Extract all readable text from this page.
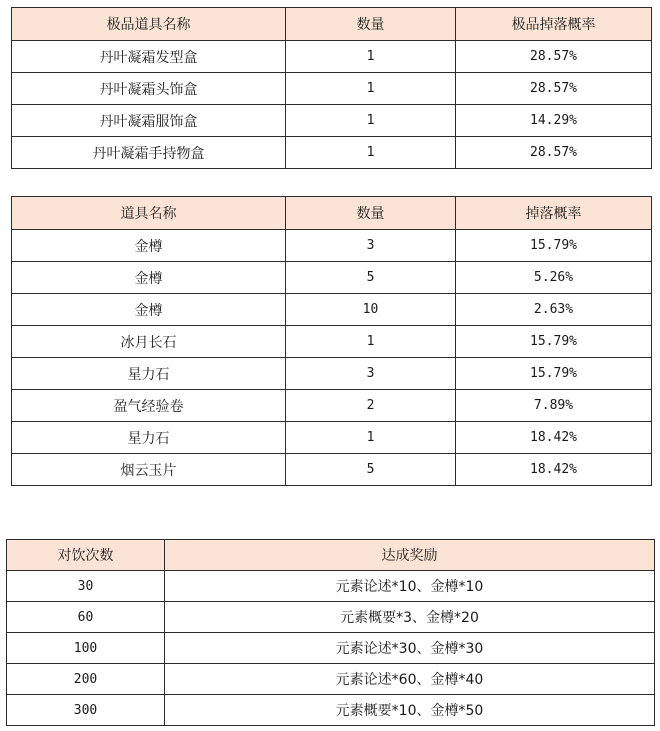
极品道具名称	数量	极品掉落概率
丹叶凝霜发型盒	1	28.57%
丹叶凝霜头饰盒	1	28.57%
丹叶凝霜服饰盒	1	14.29%
丹叶凝霜手持物盒	1	28.57%
道具名称	数量	掉落概率
金樽	3	15.79%
金樽	5	5.26%
金樽	10	2.63%
冰月长石	1	15.79%
星力石	3	15.79%
盈气经验卷	2	7.89%
星力石	1	18.42%
烟云玉片	5	18.42%
对饮次数	达成奖励
30	元素论述*10、金樽*10
60	元素概要*3、金樽*20
100	元素论述*30、金樽*30
200	元素论述*60、金樽*40
300	元素概要*10、金樽*50
